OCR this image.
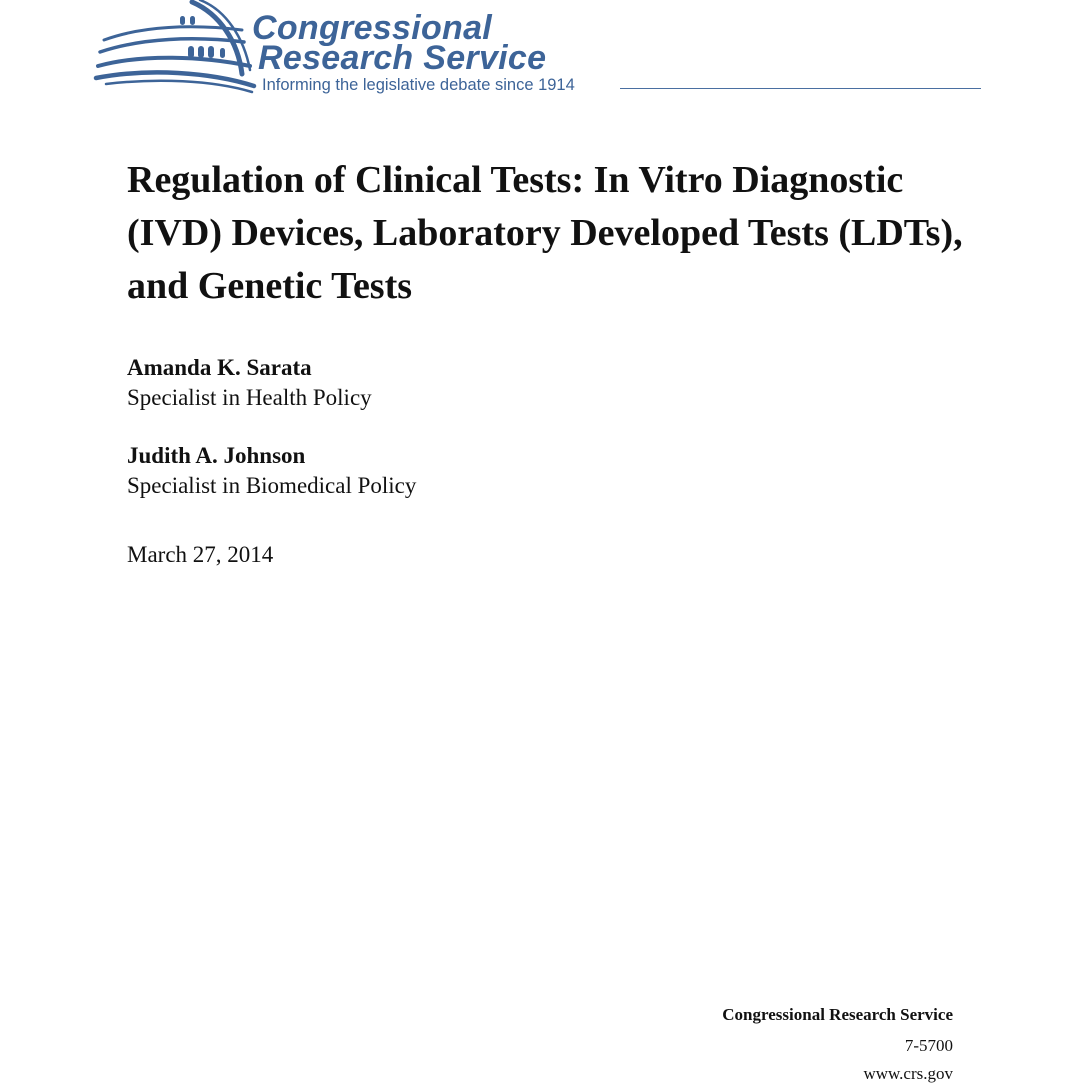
Congressional
Research Service
Informing the legislative debate since 1914
Regulation of Clinical Tests: In Vitro Diagnostic (IVD) Devices, Laboratory Developed Tests (LDTs), and Genetic Tests
Amanda K. Sarata
Specialist in Health Policy
Judith A. Johnson
Specialist in Biomedical Policy
March 27, 2014
Congressional Research Service
7-5700
www.crs.gov
